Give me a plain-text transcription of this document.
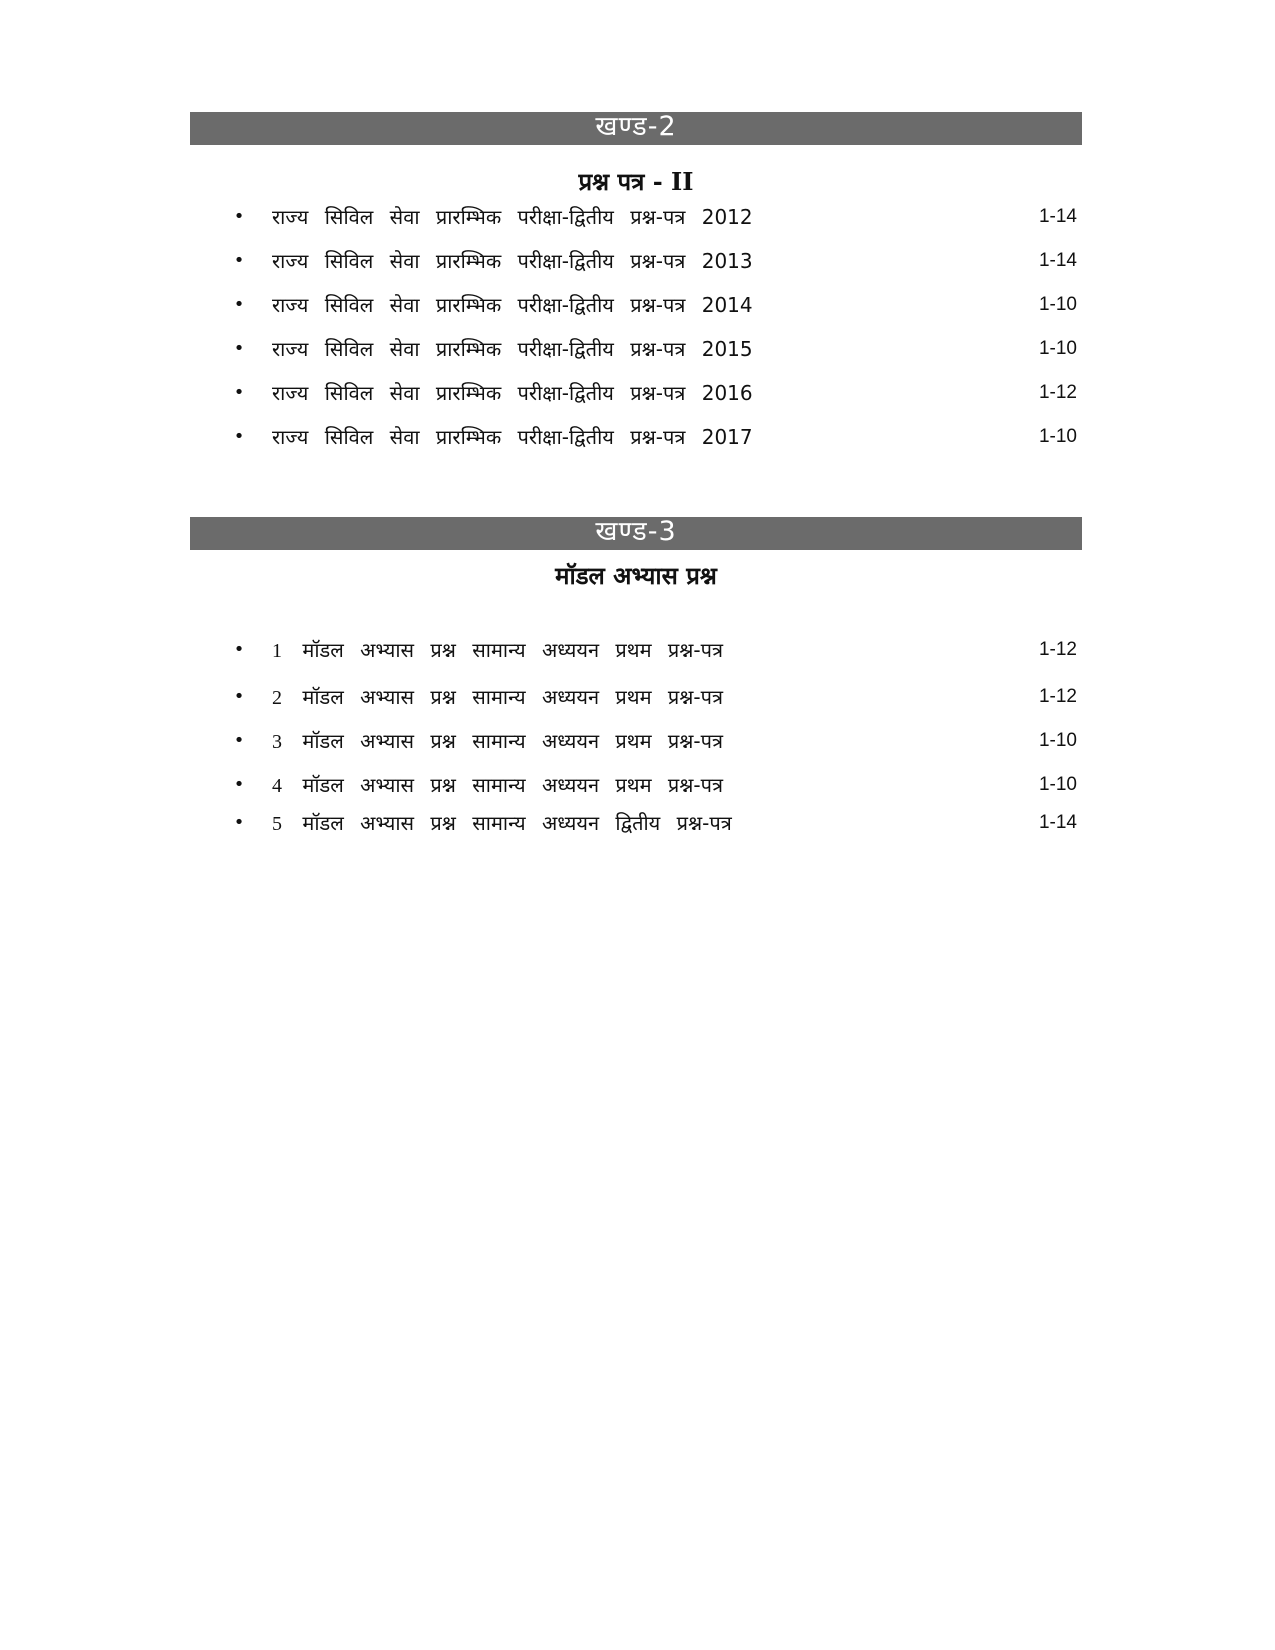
खण्ड-2
प्रश्न पत्र - II
• राज्य सिविल सेवा प्रारम्भिक परीक्षा-द्वितीय प्रश्न-पत्र 2012	1-14
• राज्य सिविल सेवा प्रारम्भिक परीक्षा-द्वितीय प्रश्न-पत्र 2013	1-14
• राज्य सिविल सेवा प्रारम्भिक परीक्षा-द्वितीय प्रश्न-पत्र 2014	1-10
• राज्य सिविल सेवा प्रारम्भिक परीक्षा-द्वितीय प्रश्न-पत्र 2015	1-10
• राज्य सिविल सेवा प्रारम्भिक परीक्षा-द्वितीय प्रश्न-पत्र 2016	1-12
• राज्य सिविल सेवा प्रारम्भिक परीक्षा-द्वितीय प्रश्न-पत्र 2017	1-10
खण्ड-3
मॉडल अभ्यास प्रश्न
• 1 मॉडल अभ्यास प्रश्न सामान्य अध्ययन प्रथम प्रश्न-पत्र	1-12
• 2 मॉडल अभ्यास प्रश्न सामान्य अध्ययन प्रथम प्रश्न-पत्र	1-12
• 3 मॉडल अभ्यास प्रश्न सामान्य अध्ययन प्रथम प्रश्न-पत्र	1-10
• 4 मॉडल अभ्यास प्रश्न सामान्य अध्ययन प्रथम प्रश्न-पत्र	1-10
• 5 मॉडल अभ्यास प्रश्न सामान्य अध्ययन द्वितीय प्रश्न-पत्र	1-14
